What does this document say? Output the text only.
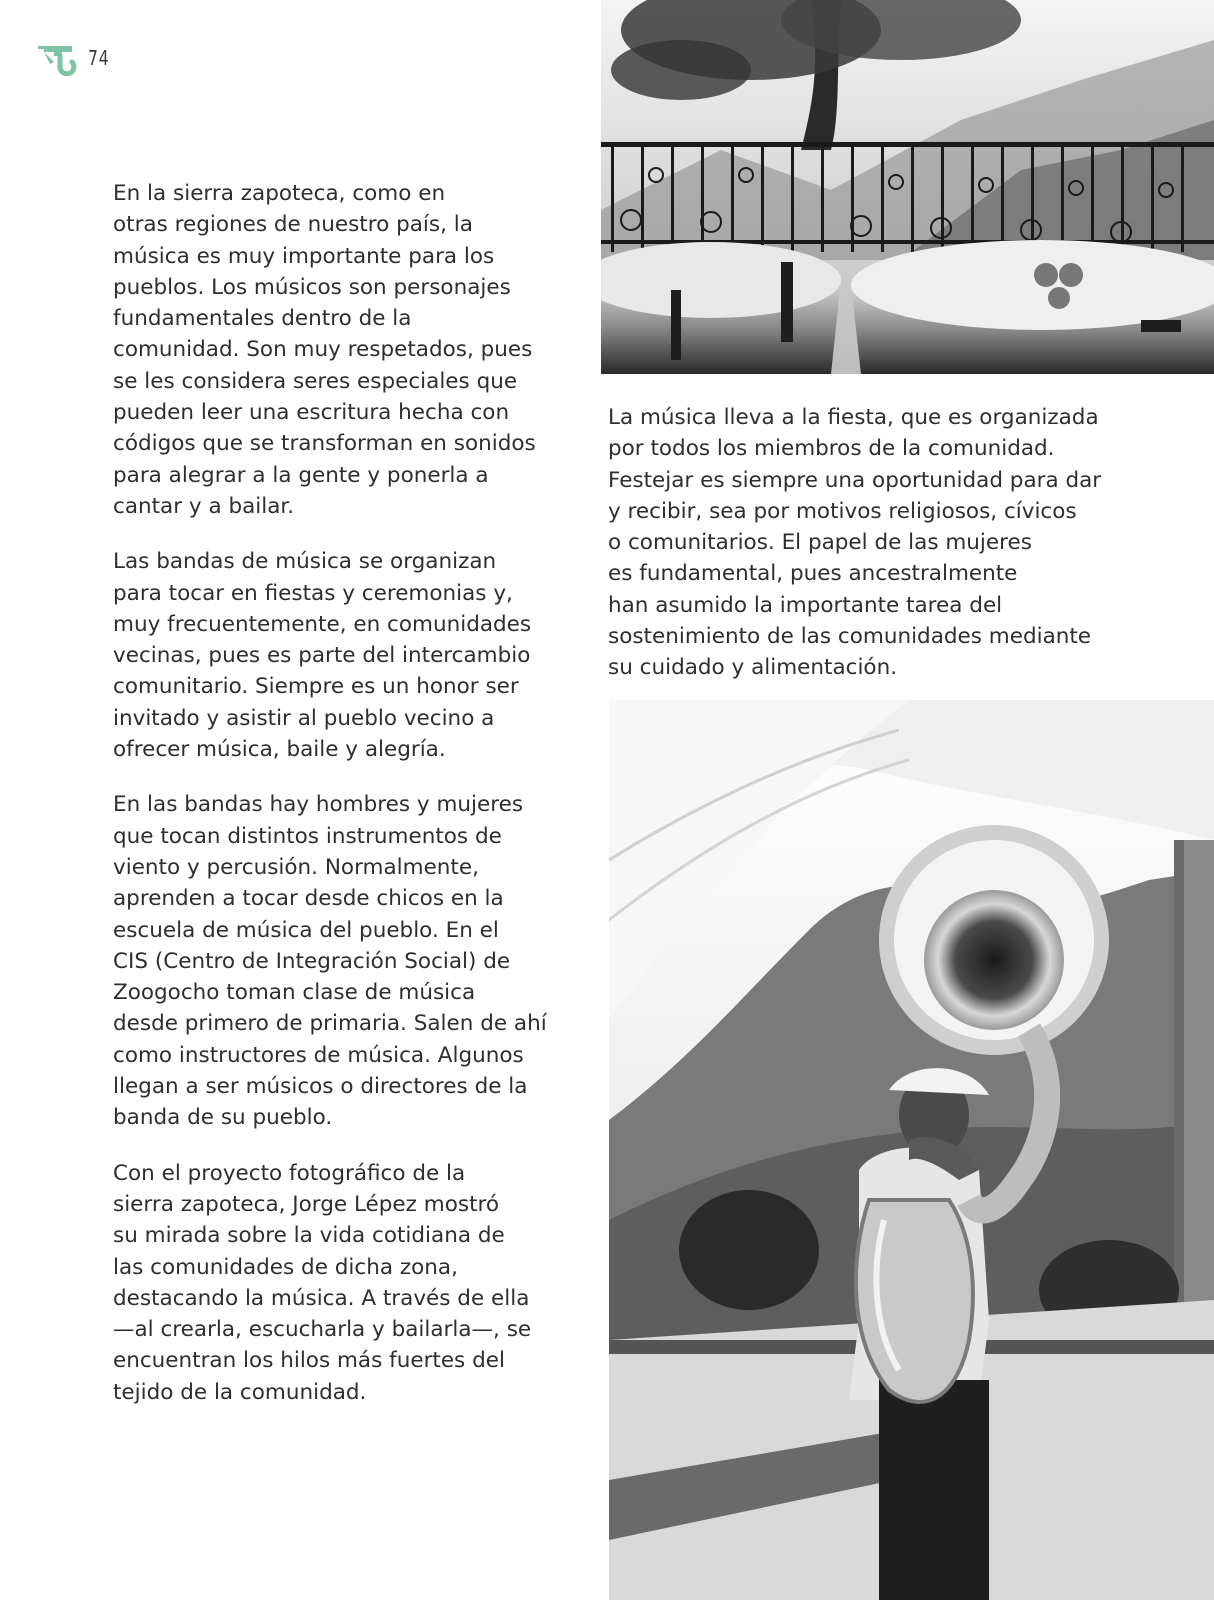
74

En la sierra zapoteca, como en
otras regiones de nuestro país, la
música es muy importante para los
pueblos. Los músicos son personajes
fundamentales dentro de la
comunidad. Son muy respetados, pues
se les considera seres especiales que
pueden leer una escritura hecha con
códigos que se transforman en sonidos
para alegrar a la gente y ponerla a
cantar y a bailar.

Las bandas de música se organizan
para tocar en fiestas y ceremonias y,
muy frecuentemente, en comunidades
vecinas, pues es parte del intercambio
comunitario. Siempre es un honor ser
invitado y asistir al pueblo vecino a
ofrecer música, baile y alegría.

En las bandas hay hombres y mujeres
que tocan distintos instrumentos de
viento y percusión. Normalmente,
aprenden a tocar desde chicos en la
escuela de música del pueblo. En el
CIS (Centro de Integración Social) de
Zoogocho toman clase de música
desde primero de primaria. Salen de ahí
como instructores de música. Algunos
llegan a ser músicos o directores de la
banda de su pueblo.

Con el proyecto fotográfico de la
sierra zapoteca, Jorge Lépez mostró
su mirada sobre la vida cotidiana de
las comunidades de dicha zona,
destacando la música. A través de ella
—al crearla, escucharla y bailarla—, se
encuentran los hilos más fuertes del
tejido de la comunidad.

La música lleva a la fiesta, que es organizada
por todos los miembros de la comunidad.
Festejar es siempre una oportunidad para dar
y recibir, sea por motivos religiosos, cívicos
o comunitarios. El papel de las mujeres
es fundamental, pues ancestralmente
han asumido la importante tarea del
sostenimiento de las comunidades mediante
su cuidado y alimentación.
